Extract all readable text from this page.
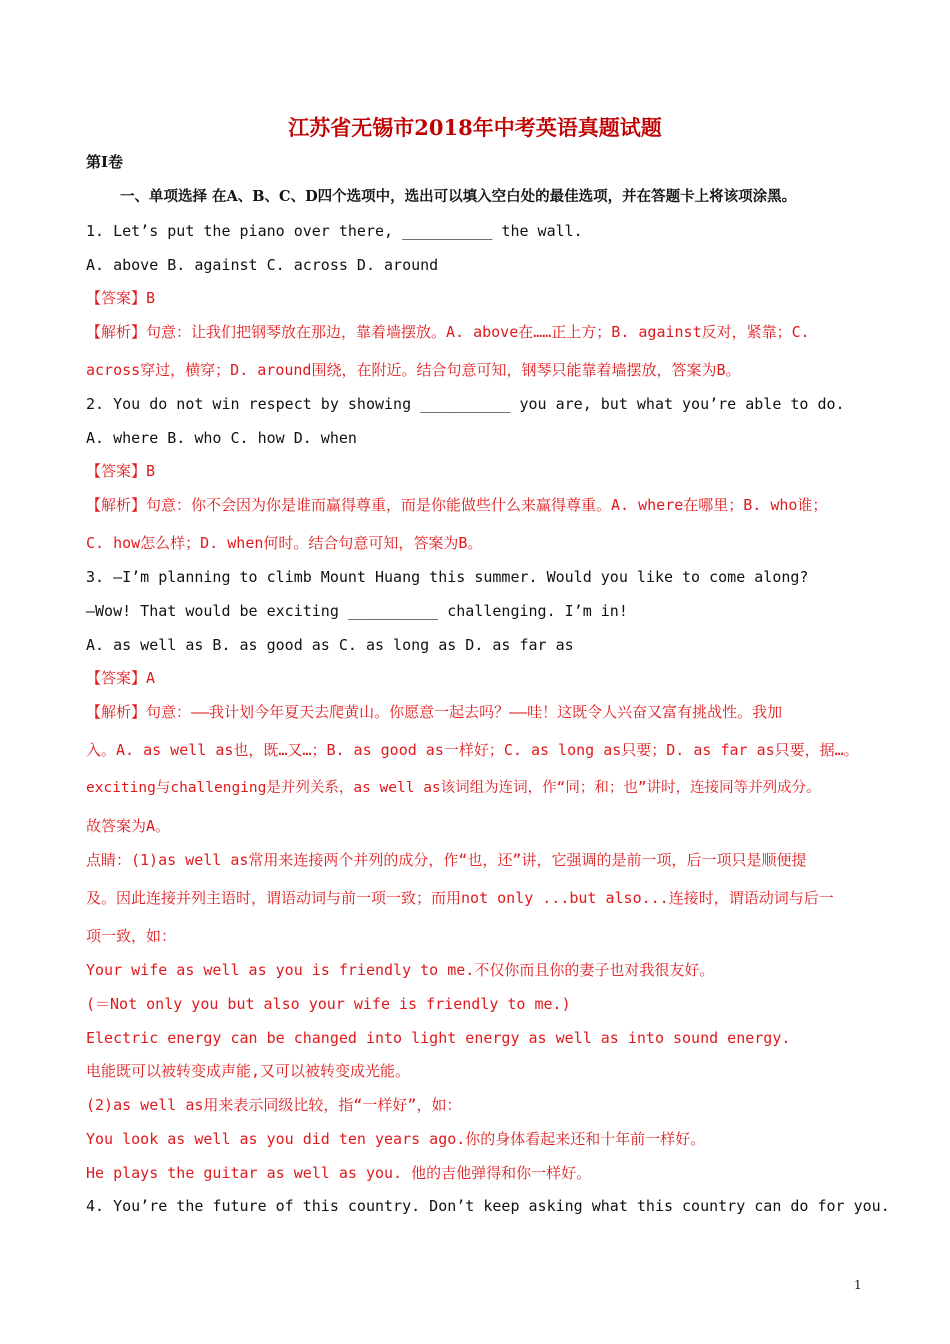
江苏省无锡市2018年中考英语真题试题
第Ⅰ卷
一、单项选择 在A、B、C、D四个选项中，选出可以填入空白处的最佳选项，并在答题卡上将该项涂黑。
1. Let’s put the piano over there, __________ the wall.
A. above B. against C. across D. around
【答案】B
【解析】句意：让我们把钢琴放在那边，靠着墙摆放。A. above在……正上方；B. against反对，紧靠；C.
across穿过，横穿；D. around围绕，在附近。结合句意可知，钢琴只能靠着墙摆放，答案为B。
2. You do not win respect by showing __________ you are, but what you’re able to do.
A. where B. who C. how D. when
【答案】B
【解析】句意：你不会因为你是谁而赢得尊重，而是你能做些什么来赢得尊重。A. where在哪里；B. who谁；
C. how怎么样；D. when何时。结合句意可知，答案为B。
3. —I’m planning to climb Mount Huang this summer. Would you like to come along?
—Wow! That would be exciting __________ challenging. I’m in!
A. as well as B. as good as C. as long as D. as far as
【答案】A
【解析】句意：——我计划今年夏天去爬黄山。你愿意一起去吗？——哇！这既令人兴奋又富有挑战性。我加
入。A. as well as也，既…又…；B. as good as一样好；C. as long as只要；D. as far as只要，据…。
exciting与challenging是并列关系，as well as该词组为连词，作“同；和；也”讲时，连接同等并列成分。
故答案为A。
点睛：(1)as well as常用来连接两个并列的成分，作“也，还”讲，它强调的是前一项，后一项只是顺便提
及。因此连接并列主语时，谓语动词与前一项一致；而用not only ...but also...连接时，谓语动词与后一
项一致，如：
Your wife as well as you is friendly to me.不仅你而且你的妻子也对我很友好。
(＝Not only you but also your wife is friendly to me.)
Electric energy can be changed into light energy as well as into sound energy.
电能既可以被转变成声能,又可以被转变成光能。
(2)as well as用来表示同级比较，指“一样好”，如：
You look as well as you did ten years ago.你的身体看起来还和十年前一样好。
He plays the guitar as well as you. 他的吉他弹得和你一样好。
4. You’re the future of this country. Don’t keep asking what this country can do for you.
1
